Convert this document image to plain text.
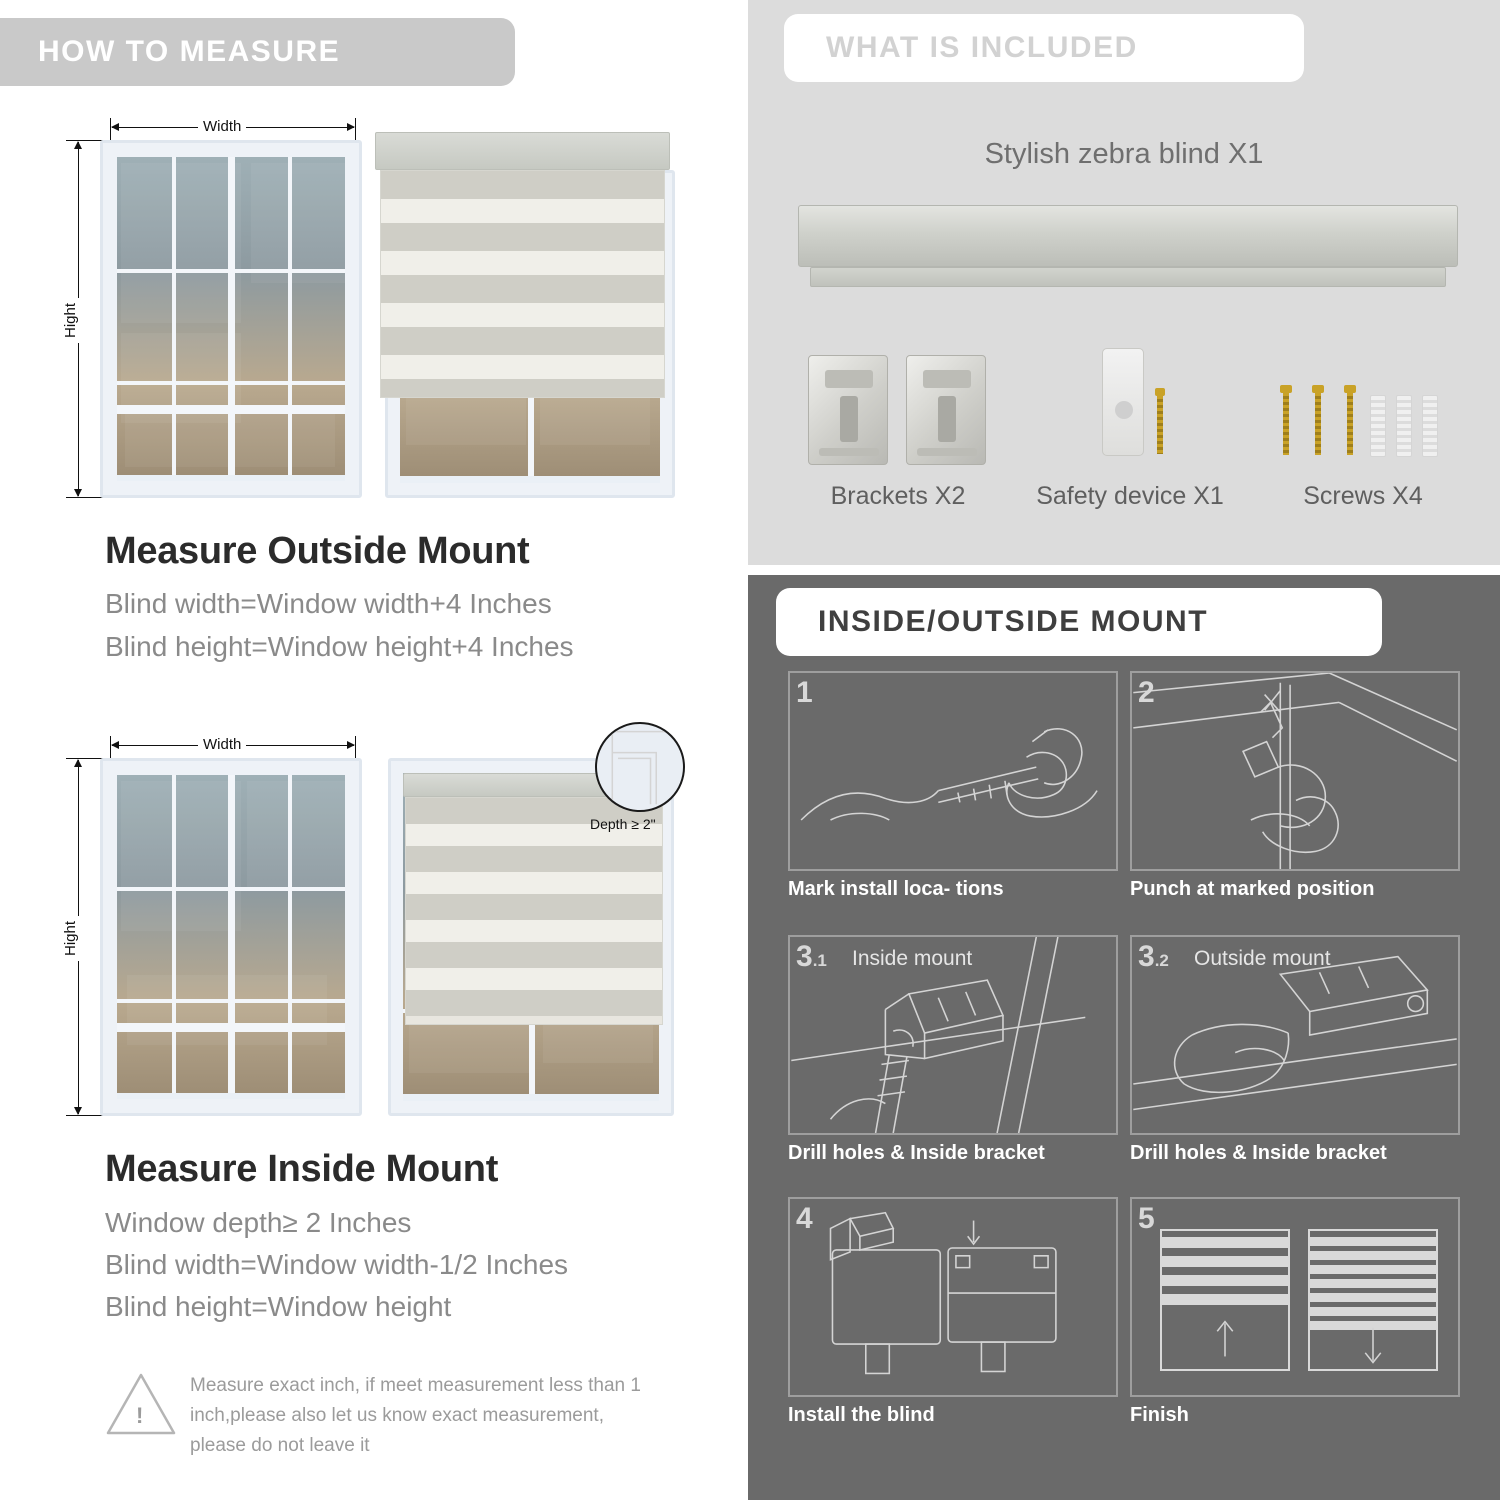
HOW TO MEASURE
Width
Hight
Measure Outside Mount
Blind width=Window width+4 Inches
Blind height=Window height+4 Inches
Width
Hight
Depth ≥ 2"
Measure Inside Mount
Window depth≥ 2 Inches
Blind width=Window width-1/2 Inches
Blind height=Window height
!
Measure exact inch, if meet measurement less than 1 inch,please also let us know exact measurement, please do not leave it
WHAT IS INCLUDED
Stylish zebra blind X1
Brackets X2	Safety device X1	Screws X4
INSIDE/OUTSIDE MOUNT
1
Mark install loca- tions
2
Punch at marked position
3.1 Inside mount
Drill holes & Inside bracket
3.2 Outside mount
Drill holes & Inside bracket
4
Install the blind
5
Finish
